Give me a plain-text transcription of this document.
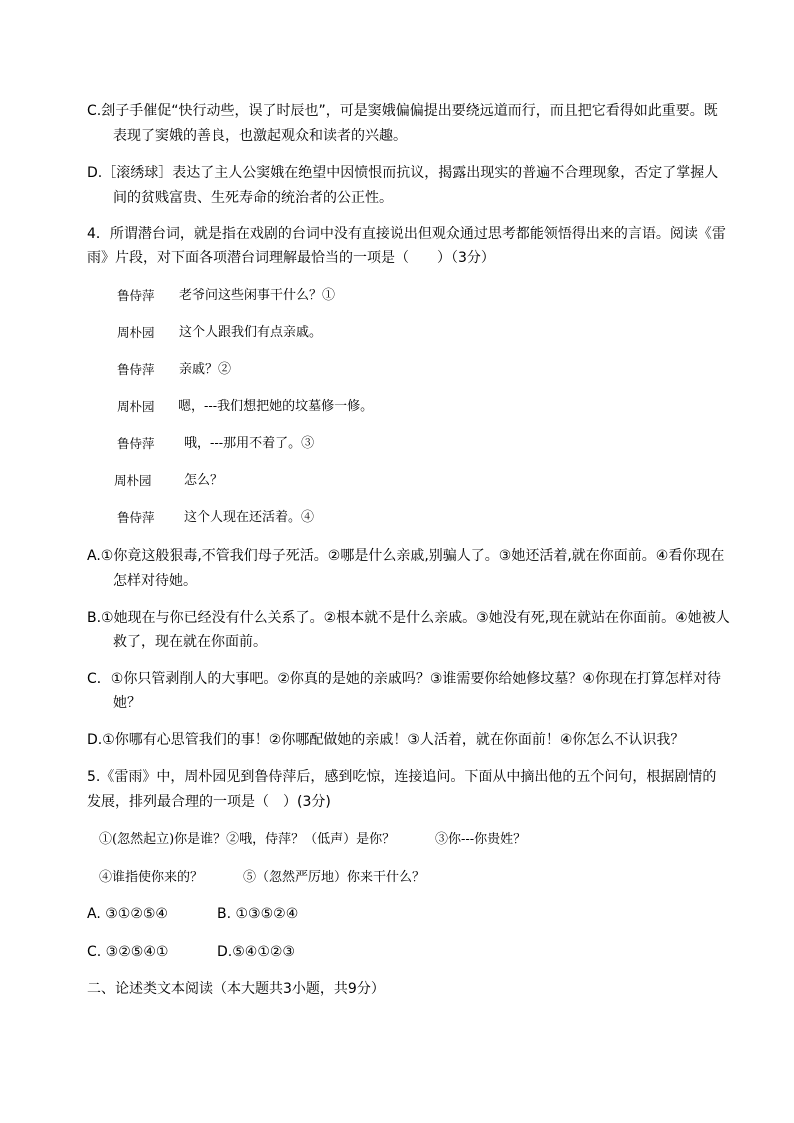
C.刽子手催促“快行动些，误了时辰也”，可是窦娥偏偏提出要绕远道而行，而且把它看得如此重要。既
表现了窦娥的善良，也激起观众和读者的兴趣。
D.［滚绣球］表达了主人公窦娥在绝望中因愤恨而抗议，揭露出现实的普遍不合理现象，否定了掌握人
间的贫贱富贵、生死寿命的统治者的公正性。
4．所谓潜台词，就是指在戏剧的台词中没有直接说出但观众通过思考都能领悟得出来的言语。阅读《雷
雨》片段，对下面各项潜台词理解最恰当的一项是（　　）（3分）
鲁侍萍 老爷问这些闲事干什么？①
周朴园 这个人跟我们有点亲戚。
鲁侍萍 亲戚？②
周朴园 嗯，---我们想把她的坟墓修一修。
鲁侍萍 哦，---那用不着了。③
周朴园 怎么？
鲁侍萍 这个人现在还活着。④
A.①你竟这般狠毒,不管我们母子死活。②哪是什么亲戚,别骗人了。③她还活着,就在你面前。④看你现在
怎样对待她。
B.①她现在与你已经没有什么关系了。②根本就不是什么亲戚。③她没有死,现在就站在你面前。④她被人
救了，现在就在你面前。
C．①你只管剥削人的大事吧。②你真的是她的亲戚吗？③谁需要你给她修坟墓？④你现在打算怎样对待
她？
D.①你哪有心思管我们的事！②你哪配做她的亲戚！③人活着，就在你面前！④你怎么不认识我？
5.《雷雨》中，周朴园见到鲁侍萍后，感到吃惊，连接追问。下面从中摘出他的五个问句，根据剧情的
发展，排列最合理的一项是（　）(3分)
①(忽然起立)你是谁？②哦，侍萍？（低声）是你？	③你---你贵姓？
④谁指使你来的？	⑤（忽然严厉地）你来干什么？
A. ③①②⑤④	B. ①③⑤②④
C. ③②⑤④①	D.⑤④①②③
二、论述类文本阅读（本大题共3小题，共9分）
